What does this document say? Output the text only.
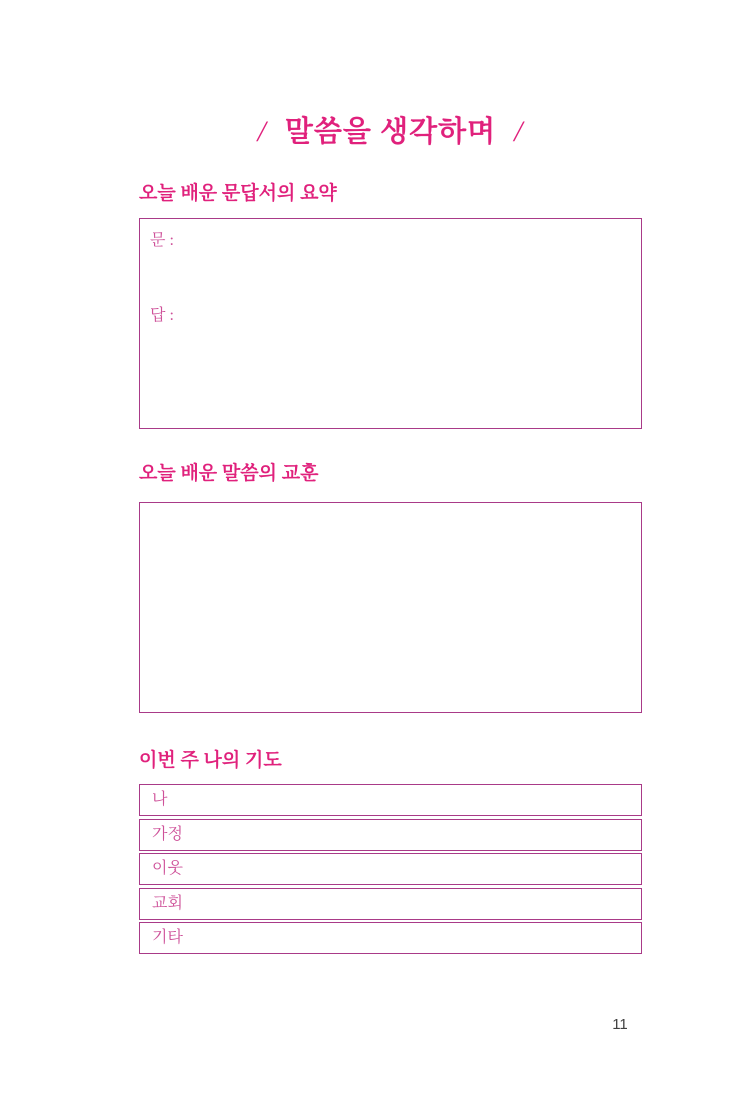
/ 말씀을 생각하며 /
오늘 배운 문답서의 요약
문 :
답 :
오늘 배운 말씀의 교훈
이번 주 나의 기도
나
가정
이웃
교회
기타
11
